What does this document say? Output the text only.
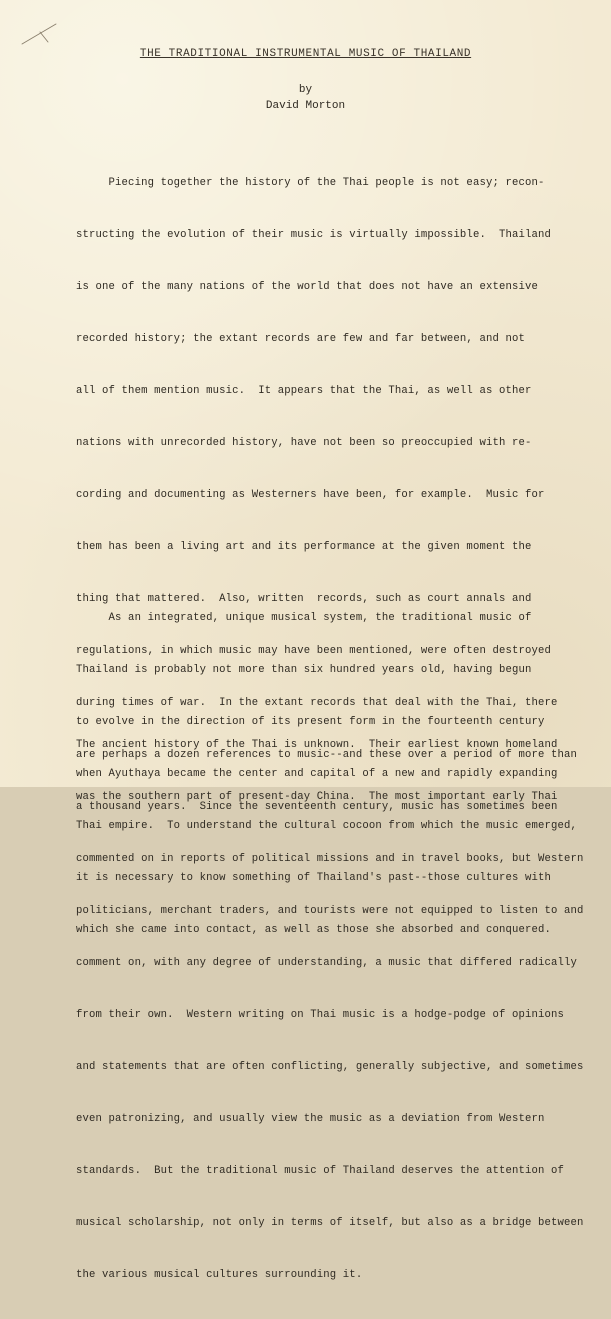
THE TRADITIONAL INSTRUMENTAL MUSIC OF THAILAND
by
David Morton

Piecing together the history of the Thai people is not easy; recon-

structing the evolution of their music is virtually impossible.  Thailand

is one of the many nations of the world that does not have an extensive

recorded history; the extant records are few and far between, and not

all of them mention music.  It appears that the Thai, as well as other

nations with unrecorded history, have not been so preoccupied with re-

cording and documenting as Westerners have been, for example.  Music for

them has been a living art and its performance at the given moment the

thing that mattered.  Also, written  records, such as court annals and

regulations, in which music may have been mentioned, were often destroyed

during times of war.  In the extant records that deal with the Thai, there

are perhaps a dozen references to music--and these over a period of more than

a thousand years.  Since the seventeenth century, music has sometimes been

commented on in reports of political missions and in travel books, but Western

politicians, merchant traders, and tourists were not equipped to listen to and

comment on, with any degree of understanding, a music that differed radically

from their own.  Western writing on Thai music is a hodge-podge of opinions

and statements that are often conflicting, generally subjective, and sometimes

even patronizing, and usually view the music as a deviation from Western

standards.  But the traditional music of Thailand deserves the attention of

musical scholarship, not only in terms of itself, but also as a bridge between

the various musical cultures surrounding it.

As an integrated, unique musical system, the traditional music of

Thailand is probably not more than six hundred years old, having begun

to evolve in the direction of its present form in the fourteenth century

when Ayuthaya became the center and capital of a new and rapidly expanding

Thai empire.  To understand the cultural cocoon from which the music emerged,

it is necessary to know something of Thailand's past--those cultures with

which she came into contact, as well as those she absorbed and conquered.

The ancient history of the Thai is unknown.  Their earliest known homeland

was the southern part of present-day China.  The most important early Thai
